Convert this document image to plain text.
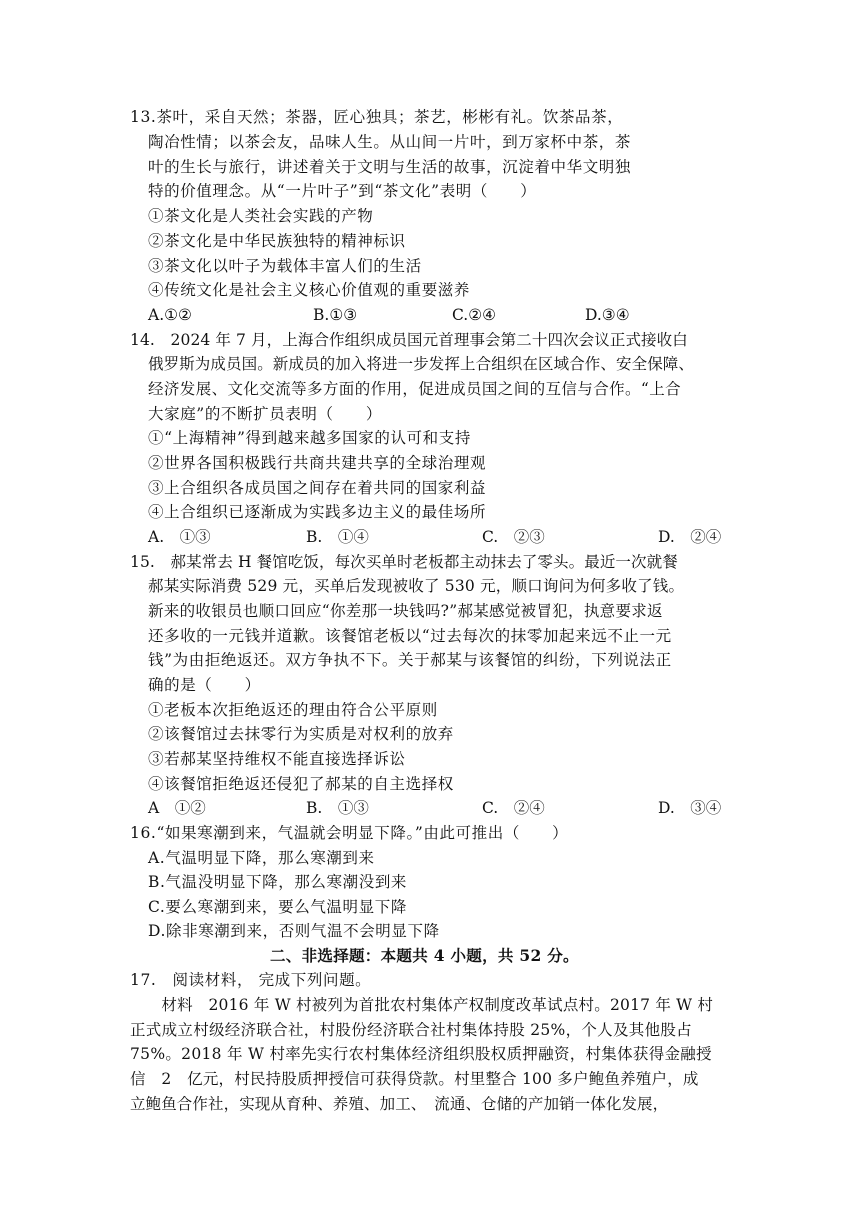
13.茶叶，采自天然；茶器，匠心独具；茶艺，彬彬有礼。饮茶品茶，
陶冶性情；以茶会友，品味人生。从山间一片叶，到万家杯中茶，茶
叶的生长与旅行，讲述着关于文明与生活的故事，沉淀着中华文明独
特的价值理念。从“一片叶子”到“茶文化”表明（　　）
①茶文化是人类社会实践的产物
②茶文化是中华民族独特的精神标识
③茶文化以叶子为载体丰富人们的生活
④传统文化是社会主义核心价值观的重要滋养
A.①②	B.①③	C.②④	D.③④
14.　2024 年 7 月，上海合作组织成员国元首理事会第二十四次会议正式接收白
俄罗斯为成员国。新成员的加入将进一步发挥上合组织在区域合作、安全保障、
经济发展、文化交流等多方面的作用，促进成员国之间的互信与合作。“上合
大家庭”的不断扩员表明（　　）
①“上海精神”得到越来越多国家的认可和支持
②世界各国积极践行共商共建共享的全球治理观
③上合组织各成员国之间存在着共同的国家利益
④上合组织已逐渐成为实践多边主义的最佳场所
A.　①③	B.　①④	C.　②③	D.　②④
15.　郝某常去 H 餐馆吃饭，每次买单时老板都主动抹去了零头。最近一次就餐
郝某实际消费 529 元，买单后发现被收了 530 元，顺口询问为何多收了钱。
新来的收银员也顺口回应“你差那一块钱吗?”郝某感觉被冒犯，执意要求返
还多收的一元钱并道歉。该餐馆老板以“过去每次的抹零加起来远不止一元
钱”为由拒绝返还。双方争执不下。关于郝某与该餐馆的纠纷，下列说法正
确的是（　　）
①老板本次拒绝返还的理由符合公平原则
②该餐馆过去抹零行为实质是对权利的放弃
③若郝某坚持维权不能直接选择诉讼
④该餐馆拒绝返还侵犯了郝某的自主选择权
A　①②	B.　①③	C.　②④	D.　③④
16.“如果寒潮到来，气温就会明显下降。”由此可推出（　　）
A.气温明显下降，那么寒潮到来
B.气温没明显下降，那么寒潮没到来
C.要么寒潮到来，要么气温明显下降
D.除非寒潮到来，否则气温不会明显下降
二、非选择题：本题共 4 小题，共 52 分。
17.　阅读材料， 完成下列问题。
　　材料　2016 年 W 村被列为首批农村集体产权制度改革试点村。2017 年 W 村
正式成立村级经济联合社，村股份经济联合社村集体持股 25%，个人及其他股占
75%。2018 年 W 村率先实行农村集体经济组织股权质押融资，村集体获得金融授
信　2　亿元，村民持股质押授信可获得贷款。村里整合 100 多户鲍鱼养殖户，成
立鲍鱼合作社，实现从育种、养殖、加工、　流通、仓储的产加销一体化发展，
